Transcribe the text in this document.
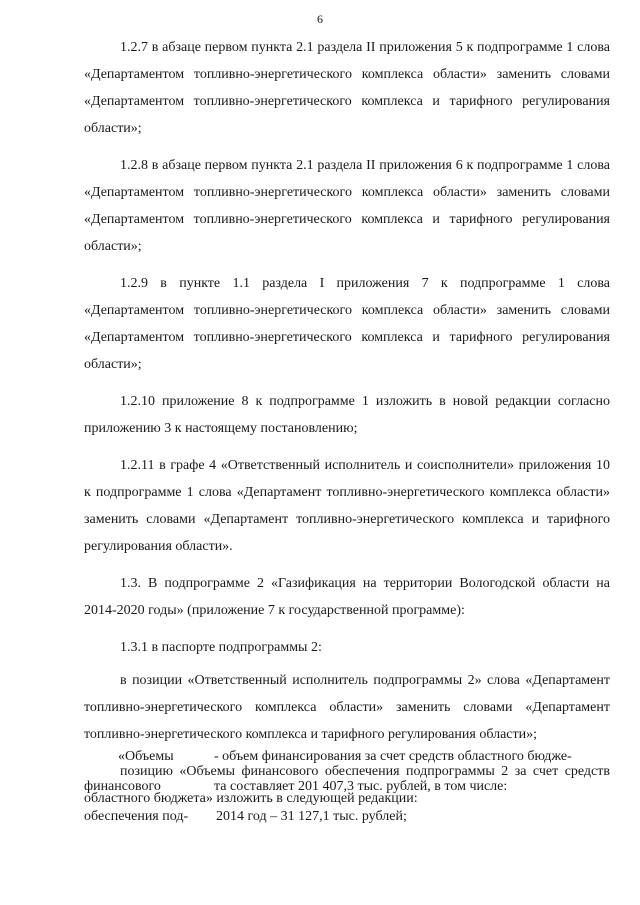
6

1.2.7 в абзаце первом пункта 2.1 раздела II приложения 5 к подпрограмме 1 слова «Департаментом топливно-энергетического комплекса области» заменить словами «Департаментом топливно-энергетического комплекса и тарифного регулирования области»;

1.2.8 в абзаце первом пункта 2.1 раздела II приложения 6 к подпрограмме 1 слова «Департаментом топливно-энергетического комплекса области» заменить словами «Департаментом топливно-энергетического комплекса и тарифного регулирования области»;

1.2.9 в пункте 1.1 раздела I приложения 7 к подпрограмме 1 слова «Департаментом топливно-энергетического комплекса области» заменить словами «Департаментом топливно-энергетического комплекса и тарифного регулирования области»;

1.2.10 приложение 8 к подпрограмме 1 изложить в новой редакции согласно приложению 3 к настоящему постановлению;

1.2.11 в графе 4 «Ответственный исполнитель и соисполнители» приложения 10 к подпрограмме 1 слова «Департамент топливно-энергетического комплекса области» заменить словами «Департамент топливно-энергетического комплекса и тарифного регулирования области».

1.3. В подпрограмме 2 «Газификация на территории Вологодской области на 2014-2020 годы» (приложение 7 к государственной программе):

1.3.1 в паспорте подпрограммы 2:

в позиции «Ответственный исполнитель подпрограммы 2» слова «Департамент топливно-энергетического комплекса области» заменить словами «Департамент топливно-энергетического комплекса и тарифного регулирования области»;

позицию «Объемы финансового обеспечения подпрограммы 2 за счет средств областного бюджета» изложить в следующей редакции:

«Объемы	- объем финансирования за счет средств областного бюдже-
финансового	та составляет 201 407,3 тыс. рублей, в том числе:
обеспечения под-	2014 год – 31 127,1 тыс. рублей;
